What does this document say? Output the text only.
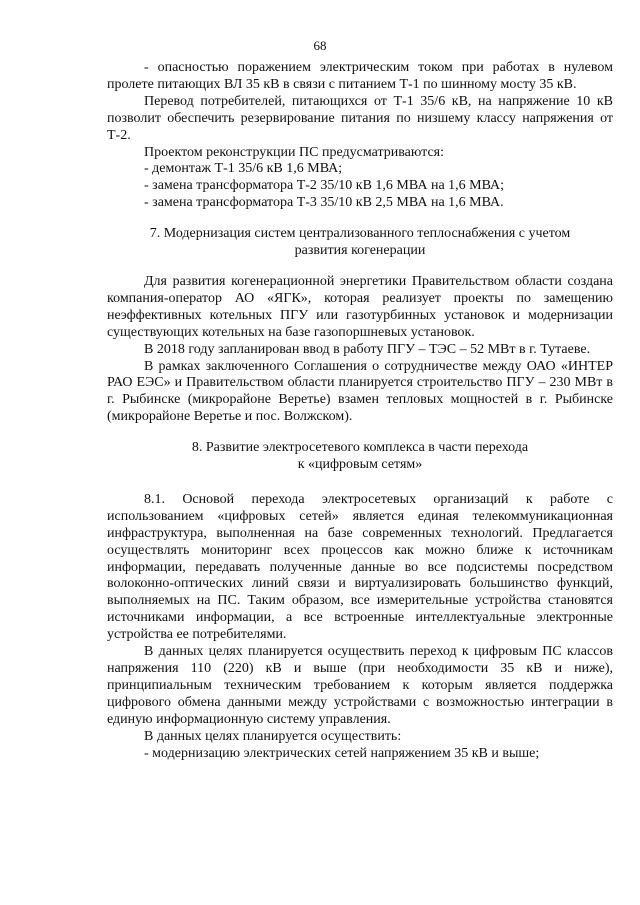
68

- опасностью поражением электрическим током при работах в нулевом пролете питающих ВЛ 35 кВ в связи с питанием Т-1 по шинному мосту 35 кВ.

Перевод потребителей, питающихся от Т-1 35/6 кВ, на напряжение 10 кВ позволит обеспечить резервирование питания по низшему классу напряжения от Т-2.

Проектом реконструкции ПС предусматриваются:

- демонтаж Т-1 35/6 кВ 1,6 МВА;

- замена трансформатора Т-2 35/10 кВ 1,6 МВА на 1,6 МВА;

- замена трансформатора Т-3 35/10 кВ 2,5 МВА на 1,6 МВА.

7. Модернизация систем централизованного теплоснабжения с учетом

развития когенерации

Для развития когенерационной энергетики Правительством области создана компания-оператор АО «ЯГК», которая реализует проекты по замещению неэффективных котельных ПГУ или газотурбинных установок и модернизации существующих котельных на базе газопоршневых установок.

В 2018 году запланирован ввод в работу ПГУ – ТЭС – 52 МВт в г. Тутаеве.

В рамках заключенного Соглашения о сотрудничестве между ОАО «ИНТЕР РАО ЕЭС» и Правительством области планируется строительство ПГУ – 230 МВт в г. Рыбинске (микрорайоне Веретье) взамен тепловых мощностей в г. Рыбинске (микрорайоне Веретье и пос. Волжском).

8. Развитие электросетевого комплекса в части перехода

к «цифровым сетям»

8.1. Основой перехода электросетевых организаций к работе с использованием «цифровых сетей» является единая телекоммуникационная инфраструктура, выполненная на базе современных технологий. Предлагается осуществлять мониторинг всех процессов как можно ближе к источникам информации, передавать полученные данные во все подсистемы посредством волоконно-оптических линий связи и виртуализировать большинство функций, выполняемых на ПС. Таким образом, все измерительные устройства становятся источниками информации, а все встроенные интеллектуальные электронные устройства ее потребителями.

В данных целях планируется осуществить переход к цифровым ПС классов напряжения 110 (220) кВ и выше (при необходимости 35 кВ и ниже), принципиальным техническим требованием к которым является поддержка цифрового обмена данными между устройствами с возможностью интеграции в единую информационную систему управления.

В данных целях планируется осуществить:

- модернизацию электрических сетей напряжением 35 кВ и выше;
